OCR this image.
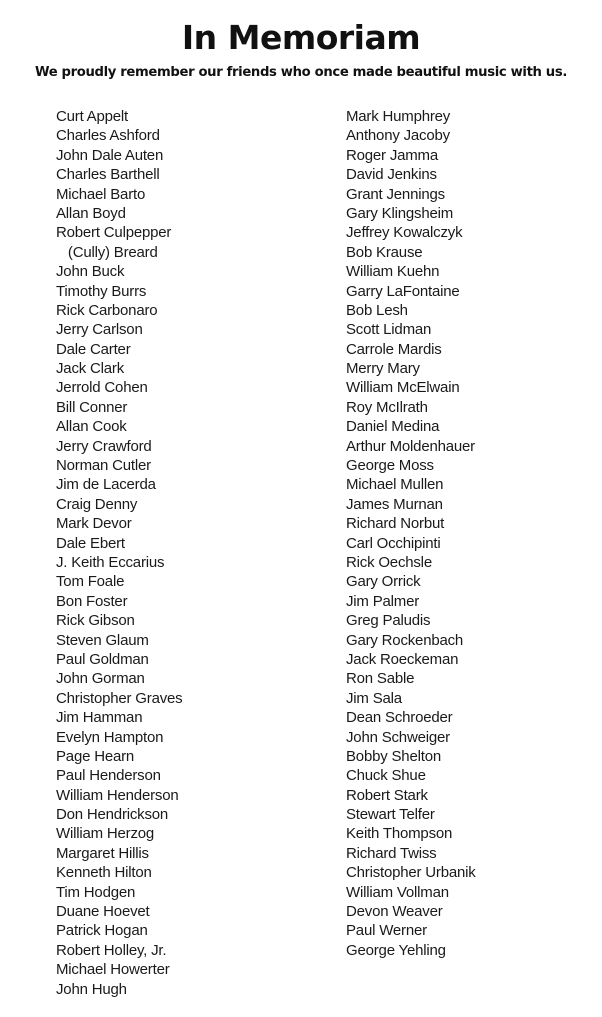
In Memoriam
We proudly remember our friends who once made beautiful music with us.
Curt Appelt
Charles Ashford
John Dale Auten
Charles Barthell
Michael Barto
Allan Boyd
Robert Culpepper
(Cully) Breard
John Buck
Timothy Burrs
Rick Carbonaro
Jerry Carlson
Dale Carter
Jack Clark
Jerrold Cohen
Bill Conner
Allan Cook
Jerry Crawford
Norman Cutler
Jim de Lacerda
Craig Denny
Mark Devor
Dale Ebert
J. Keith Eccarius
Tom Foale
Bon Foster
Rick Gibson
Steven Glaum
Paul Goldman
John Gorman
Christopher Graves
Jim Hamman
Evelyn Hampton
Page Hearn
Paul Henderson
William Henderson
Don Hendrickson
William Herzog
Margaret Hillis
Kenneth Hilton
Tim Hodgen
Duane Hoevet
Patrick Hogan
Robert Holley, Jr.
Michael Howerter
John Hugh
Mark Humphrey
Anthony Jacoby
Roger Jamma
David Jenkins
Grant Jennings
Gary Klingsheim
Jeffrey Kowalczyk
Bob Krause
William Kuehn
Garry LaFontaine
Bob Lesh
Scott Lidman
Carrole Mardis
Merry Mary
William McElwain
Roy McIlrath
Daniel Medina
Arthur Moldenhauer
George Moss
Michael Mullen
James Murnan
Richard Norbut
Carl Occhipinti
Rick Oechsle
Gary Orrick
Jim Palmer
Greg Paludis
Gary Rockenbach
Jack Roeckeman
Ron Sable
Jim Sala
Dean Schroeder
John Schweiger
Bobby Shelton
Chuck Shue
Robert Stark
Stewart Telfer
Keith Thompson
Richard Twiss
Christopher Urbanik
William Vollman
Devon Weaver
Paul Werner
George Yehling
